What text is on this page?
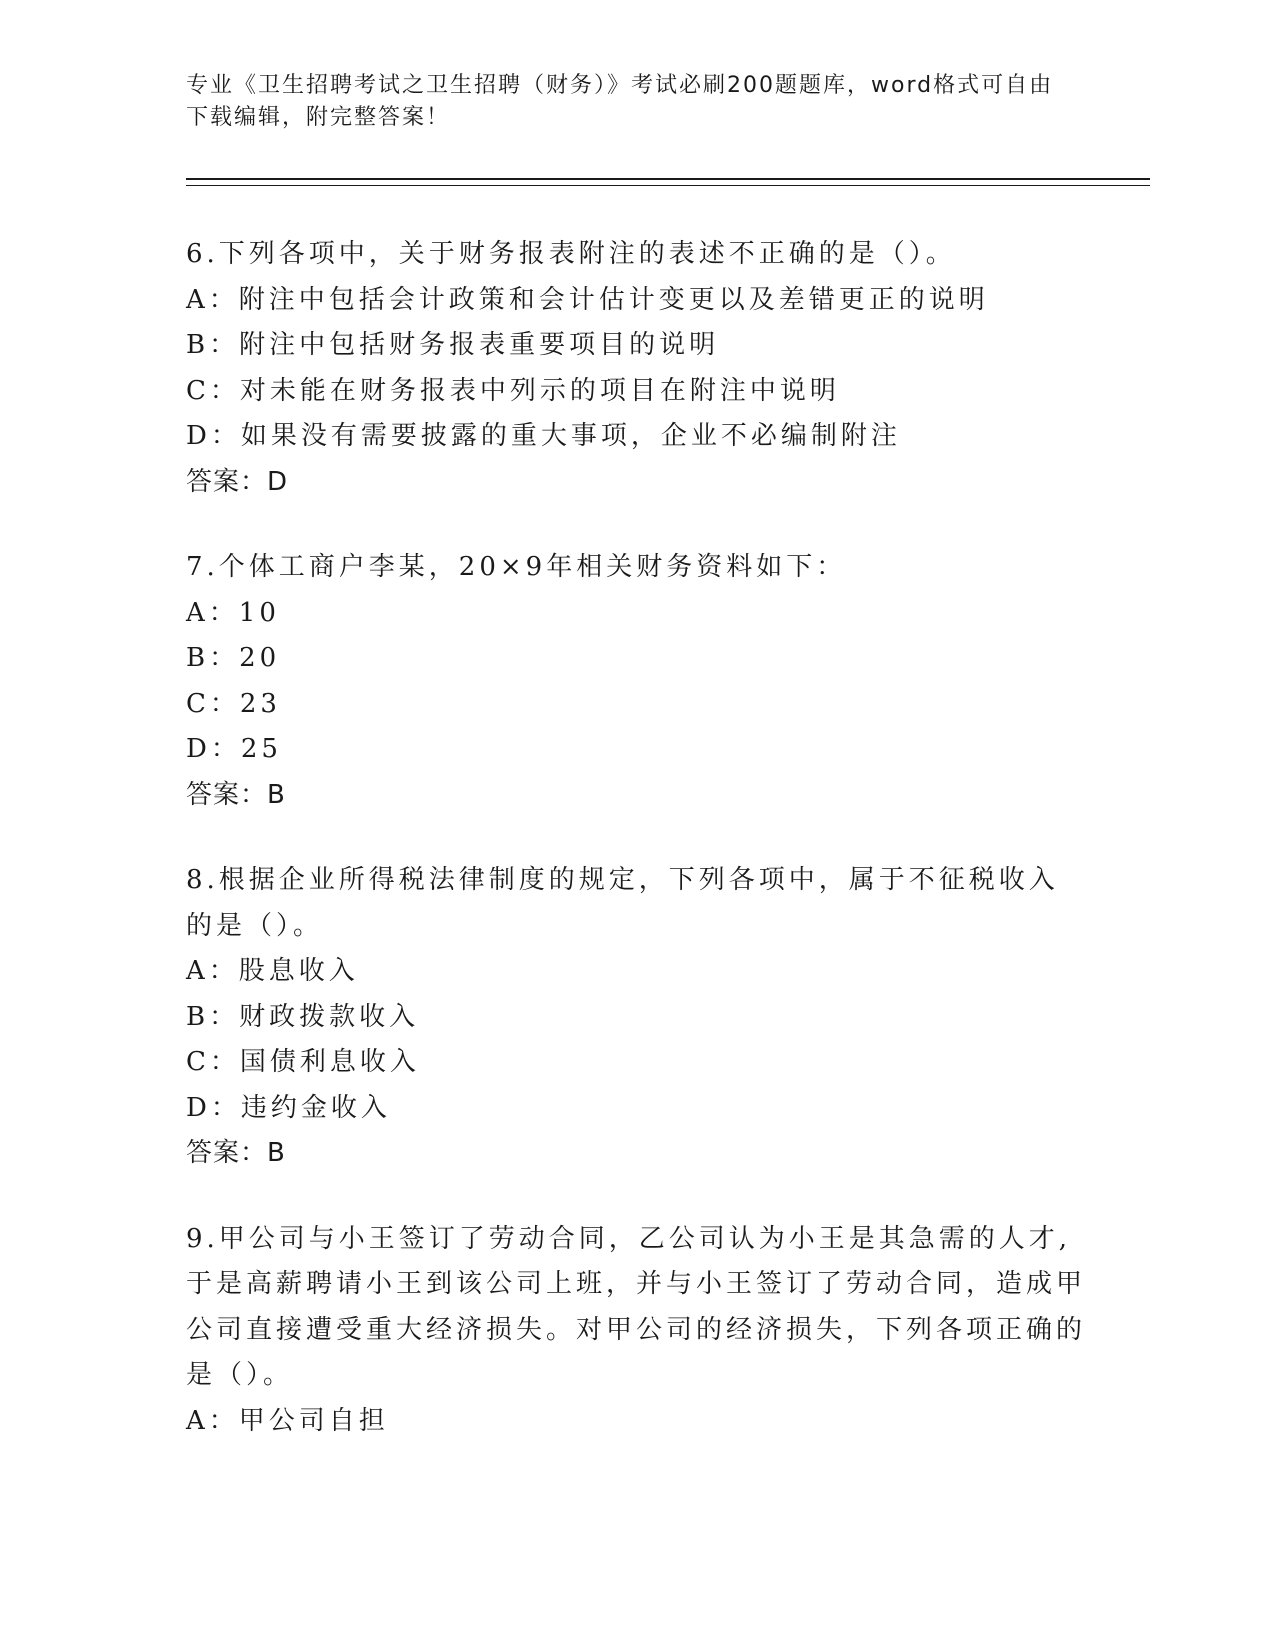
专业《卫生招聘考试之卫生招聘（财务）》考试必刷200题题库，word格式可自由下载编辑，附完整答案！
6.下列各项中，关于财务报表附注的表述不正确的是（）。
A：附注中包括会计政策和会计估计变更以及差错更正的说明
B：附注中包括财务报表重要项目的说明
C：对未能在财务报表中列示的项目在附注中说明
D：如果没有需要披露的重大事项，企业不必编制附注
答案：D
7.个体工商户李某，20×9年相关财务资料如下：
A：10
B：20
C：23
D：25
答案：B
8.根据企业所得税法律制度的规定，下列各项中，属于不征税收入的是（）。
A：股息收入
B：财政拨款收入
C：国债利息收入
D：违约金收入
答案：B
9.甲公司与小王签订了劳动合同，乙公司认为小王是其急需的人才,于是高薪聘请小王到该公司上班，并与小王签订了劳动合同，造成甲公司直接遭受重大经济损失。对甲公司的经济损失，下列各项正确的是（）。
A：甲公司自担
